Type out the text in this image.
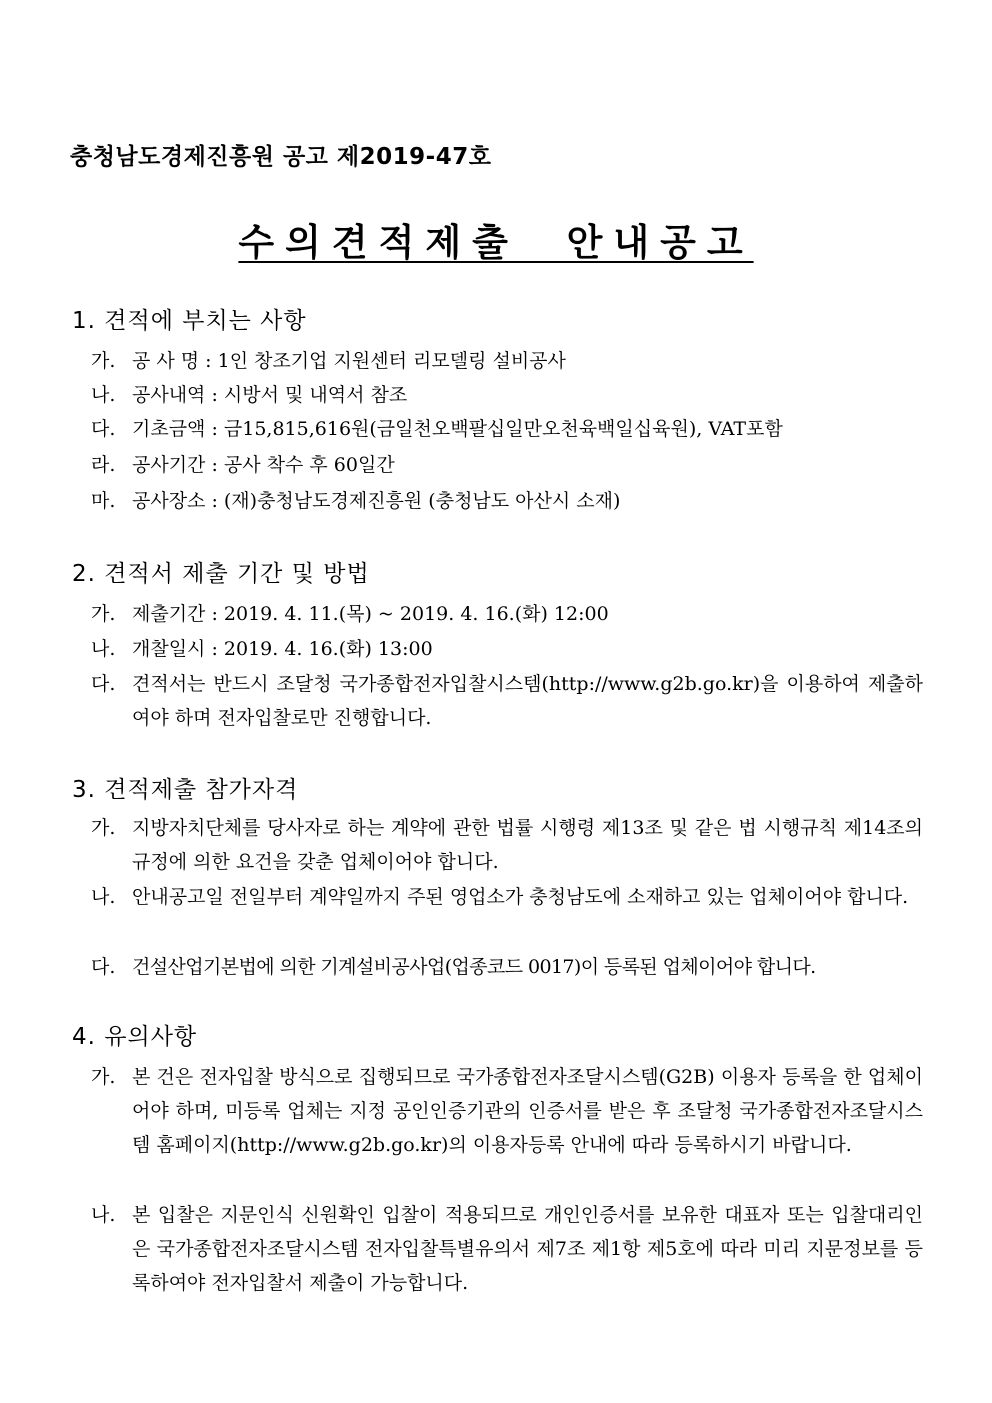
충청남도경제진흥원 공고 제2019-47호
수의견적제출  안내공고
1. 견적에 부치는 사항
가. 공 사 명 : 1인 창조기업 지원센터 리모델링 설비공사
나. 공사내역 : 시방서 및 내역서 참조
다. 기초금액 : 금15,815,616원(금일천오백팔십일만오천육백일십육원), VAT포함
라. 공사기간 : 공사 착수 후 60일간
마. 공사장소 : (재)충청남도경제진흥원 (충청남도 아산시 소재)
2. 견적서 제출 기간 및 방법
가. 제출기간 : 2019. 4. 11.(목) ~ 2019. 4. 16.(화) 12:00
나. 개찰일시 : 2019. 4. 16.(화) 13:00
다. 견적서는 반드시 조달청 국가종합전자입찰시스템(http://www.g2b.go.kr)을 이용하여 제출하여야 하며 전자입찰로만 진행합니다.
3. 견적제출 참가자격
가. 지방자치단체를 당사자로 하는 계약에 관한 법률 시행령 제13조 및 같은 법 시행규칙 제14조의 규정에 의한 요건을 갖춘 업체이어야 합니다.
나. 안내공고일 전일부터 계약일까지 주된 영업소가 충청남도에 소재하고 있는 업체이어야 합니다.
다. 건설산업기본법에 의한 기계설비공사업(업종코드 0017)이 등록된 업체이어야 합니다.
4. 유의사항
가. 본 건은 전자입찰 방식으로 집행되므로 국가종합전자조달시스템(G2B) 이용자 등록을 한 업체이어야 하며, 미등록 업체는 지정 공인인증기관의 인증서를 받은 후 조달청 국가종합전자조달시스템 홈페이지(http://www.g2b.go.kr)의 이용자등록 안내에 따라 등록하시기 바랍니다.
나. 본 입찰은 지문인식 신원확인 입찰이 적용되므로 개인인증서를 보유한 대표자 또는 입찰대리인은 국가종합전자조달시스템 전자입찰특별유의서 제7조 제1항 제5호에 따라 미리 지문정보를 등록하여야 전자입찰서 제출이 가능합니다.
